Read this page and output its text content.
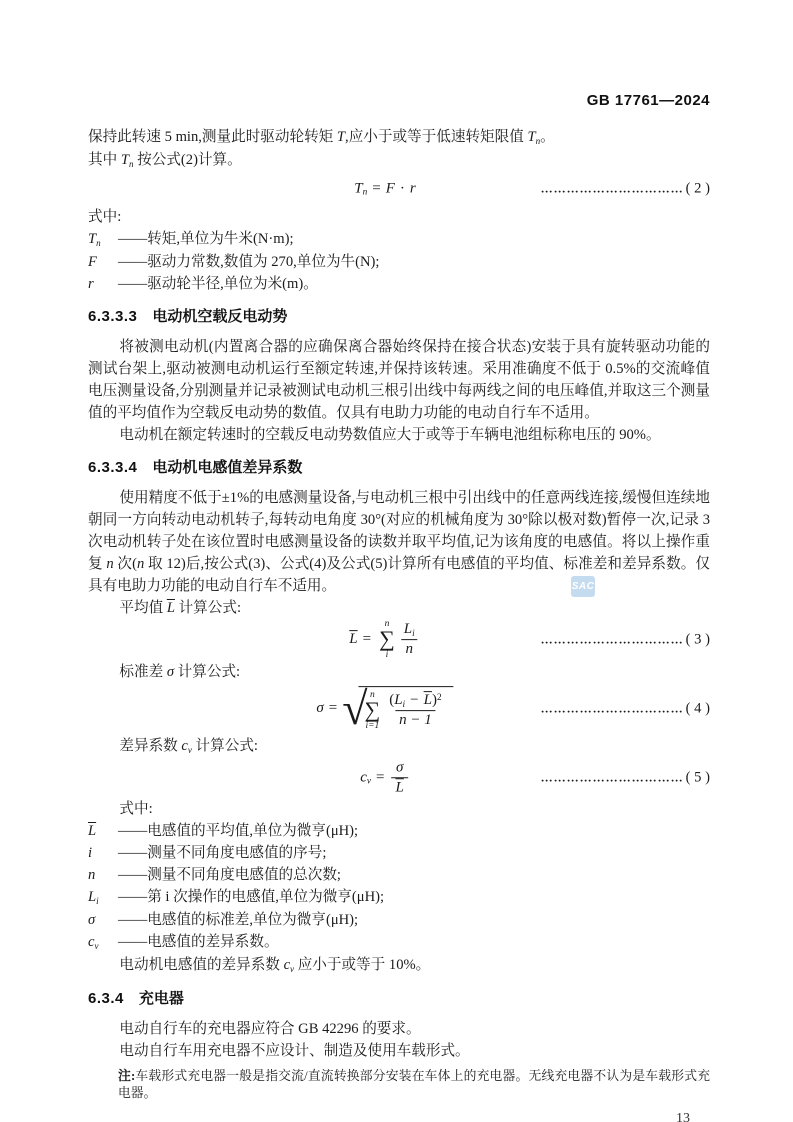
SAC
GB 17761—2024
保持此转速 5 min,测量此时驱动轮转矩 T,应小于或等于低速转矩限值 $T_n$。
其中 $T_n$ 按公式(2)计算。
T n = F · r	…………………………… ( 2 )
式中:
$T_n$	——转矩,单位为牛米(N·m);
F	——驱动力常数,数值为 270,单位为牛(N);
r	——驱动轮半径,单位为米(m)。
6.3.3.3 电动机空载反电动势
将被测电动机(内置离合器的应确保离合器始终保持在接合状态)安装于具有旋转驱动功能的测试台架上,驱动被测电动机运行至额定转速,并保持该转速。采用准确度不低于 0.5%的交流峰值电压测量设备,分别测量并记录被测试电动机三根引出线中每两线之间的电压峰值,并取这三个测量值的平均值作为空载反电动势的数值。仅具有电助力功能的电动自行车不适用。
电动机在额定转速时的空载反电动势数值应大于或等于车辆电池组标称电压的 90%。
6.3.3.4 电动机电感值差异系数
使用精度不低于±1%的电感测量设备,与电动机三根中引出线中的任意两线连接,缓慢但连续地朝同一方向转动电动机转子,每转动电角度 30°(对应的机械角度为 30°除以极对数)暂停一次,记录 3 次电动机转子处在该位置时电感测量设备的读数并取平均值,记为该角度的电感值。将以上操作重复 n 次(n 取 12)后,按公式(3)、公式(4)及公式(5)计算所有电感值的平均值、标准差和差异系数。仅具有电助力功能的电动自行车不适用。
平均值 $\overline{L}$ 计算公式:
$\overline{L}$ =
n
∑
i $\frac{L_i}{n}$	…………………………… ( 3 )
标准差 σ 计算公式:
σ = √ n
∑
$i=1 \frac{(L_i - \overline{L})^2}{n - 1}$	…………………………… ( 4 )
差异系数 $c_v$ 计算公式:
c $v = \frac{\sigma}{L}$	…………………………… ( 5 )
式中:
$\overline{L}$	——电感值的平均值,单位为微亨(μH);
i	——测量不同角度电感值的序号;
n	——测量不同角度电感值的总次数;
$L_i$	——第 i 次操作的电感值,单位为微亨(μH);
σ	——电感值的标准差,单位为微亨(μH);
$c_v$	——电感值的差异系数。
电动机电感值的差异系数 $c_v$ 应小于或等于 10%。
6.3.4 充电器
电动自行车的充电器应符合 GB 42296 的要求。
电动自行车用充电器不应设计、制造及使用车载形式。
注:车载形式充电器一般是指交流/直流转换部分安装在车体上的充电器。无线充电器不认为是车载形式充电器。
13
